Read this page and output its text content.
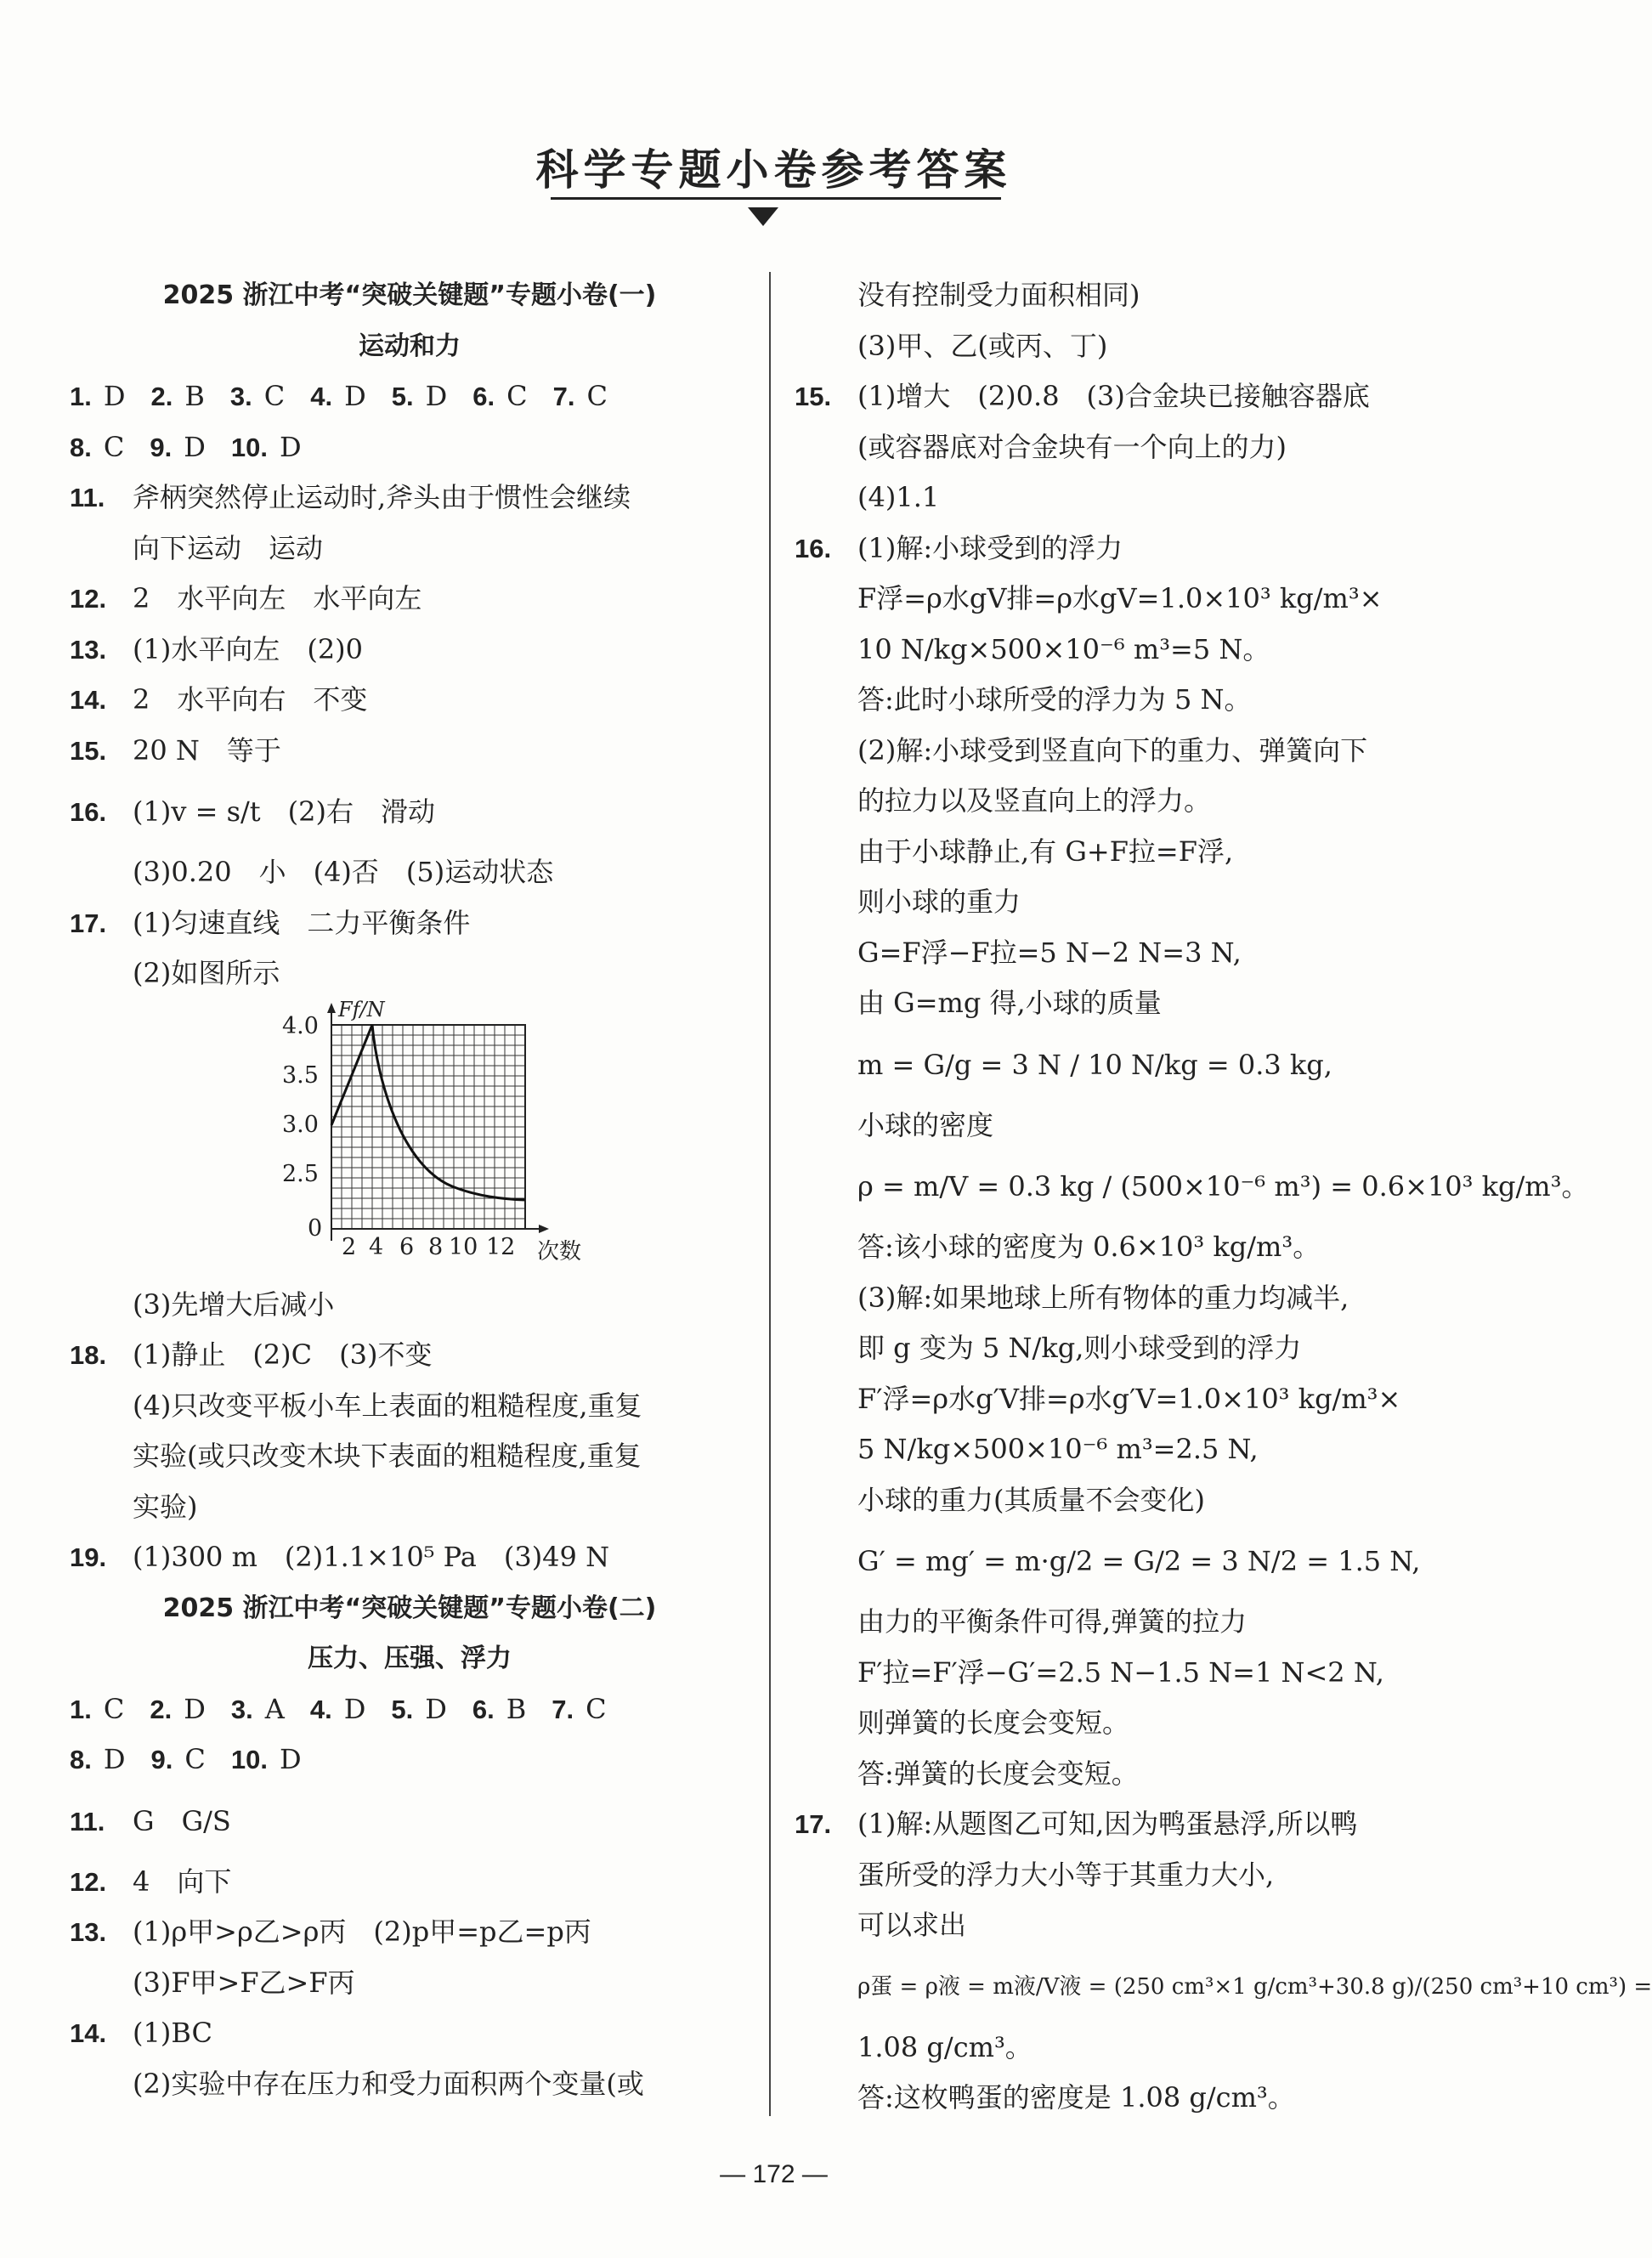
科学专题小卷参考答案
2025 浙江中考“突破关键题”专题小卷(一)
运动和力
1. D 2. B 3. C 4. D 5. D 6. C 7. C
8. C 9. D 10. D
11. 斧柄突然停止运动时,斧头由于惯性会继续
向下运动　运动
12. 2　水平向左　水平向左
13. (1)水平向左　(2)0
14. 2　水平向右　不变
15. 20 N　等于
16. (1)v = s/t　(2)右　滑动
(3)0.20　小　(4)否　(5)运动状态
17. (1)匀速直线　二力平衡条件
(2)如图所示
Ff/N
次数
4.0
3.5
3.0
2.5
0
2 4 6 8 10 12
(3)先增大后减小
18. (1)静止　(2)C　(3)不变
(4)只改变平板小车上表面的粗糙程度,重复
实验(或只改变木块下表面的粗糙程度,重复
实验)
19. (1)300 m　(2)1.1×10⁵ Pa　(3)49 N
2025 浙江中考“突破关键题”专题小卷(二)
压力、压强、浮力
1. C 2. D 3. A 4. D 5. D 6. B 7. C
8. D 9. C 10. D
11. G　G/S
12. 4　向下
13. (1)ρ甲>ρ乙>ρ丙　(2)p甲=p乙=p丙
(3)F甲>F乙>F丙
14. (1)BC
(2)实验中存在压力和受力面积两个变量(或
没有控制受力面积相同)
(3)甲、乙(或丙、丁)
15. (1)增大　(2)0.8　(3)合金块已接触容器底
(或容器底对合金块有一个向上的力)
(4)1.1
16. (1)解:小球受到的浮力
F浮=ρ水gV排=ρ水gV=1.0×10³ kg/m³×
10 N/kg×500×10⁻⁶ m³=5 N。
答:此时小球所受的浮力为 5 N。
(2)解:小球受到竖直向下的重力、弹簧向下
的拉力以及竖直向上的浮力。
由于小球静止,有 G+F拉=F浮,
则小球的重力
G=F浮−F拉=5 N−2 N=3 N,
由 G=mg 得,小球的质量
m = G/g = 3 N / 10 N/kg = 0.3 kg,
小球的密度
ρ = m/V = 0.3 kg / (500×10⁻⁶ m³) = 0.6×10³ kg/m³。
答:该小球的密度为 0.6×10³ kg/m³。
(3)解:如果地球上所有物体的重力均减半,
即 g 变为 5 N/kg,则小球受到的浮力
F′浮=ρ水g′V排=ρ水g′V=1.0×10³ kg/m³×
5 N/kg×500×10⁻⁶ m³=2.5 N,
小球的重力(其质量不会变化)
G′ = mg′ = m·g/2 = G/2 = 3 N/2 = 1.5 N,
由力的平衡条件可得,弹簧的拉力
F′拉=F′浮−G′=2.5 N−1.5 N=1 N<2 N,
则弹簧的长度会变短。
答:弹簧的长度会变短。
17. (1)解:从题图乙可知,因为鸭蛋悬浮,所以鸭
蛋所受的浮力大小等于其重力大小,
可以求出
ρ蛋 = ρ液 = m液/V液 = (250 cm³×1 g/cm³+30.8 g)/(250 cm³+10 cm³) =
1.08 g/cm³。
答:这枚鸭蛋的密度是 1.08 g/cm³。
— 172 —
